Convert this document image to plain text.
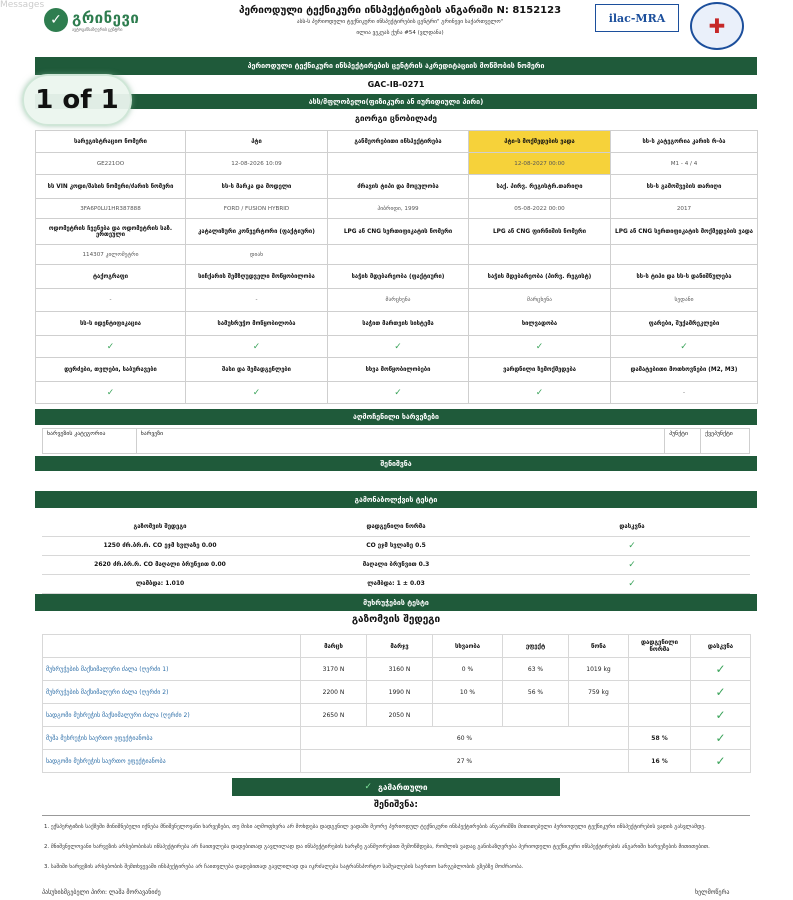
Messages
✓ გრინევი
ავტოგანსაზღვრის ცენტრი
პერიოდული ტექნიკური ინსპექტირების ანგარიში N: 8152123
ასს-ს პერიოდული ტექნიკური ინსპექტირების ცენტრი" გრინევი საქართველო"
ილია ვეკუას ქუჩა #54 (ვლდანა)
ilac-MRA ✚
პერიოდული ტექნიკური ინსპექტირების ცენტრის აკრედიტაციის მოწმობის ნომერი
GAC-IB-0271
ასს/მფლობელი(ფიზიკური ან იურიდიული პირი)
გიორგი ცნობილაძე
1 of 1
სარეგისტრაციო ნომერი	პტი	განმეორებითი ინსპექტირება	პტი-ს მოქმედების ვადა	სს-ს კატეგორია კარის რ-ბა
GE221OO	12-08-2026 10:09		12-08-2027 00:00	M1 - 4 / 4
სს VIN კოდი/შასის ნომერი/ძარის ნომერი	სს-ს მარკა და მოდელი	ძრავის ტიპი და მოცულობა	საქ. პირვ. რეგისტრ.თარიღი	სს-ს გამოშვების თარიღი
3FA6P0LU1HR387888	FORD / FUSION HYBRID	ჰიბრიდი, 1999	05-08-2022 00:00	2017
ოდომეტრის ჩვენება და ოდომეტრის საზ. ერთეული	კატალიზური კონვერტორი (ფაქტიური)	LPG ან CNG სერთიფიკატის ნომერი	LPG ან CNG ფირნიშის ნომერი	LPG ან CNG სერთიფიკატის მოქმედების ვადა
114307 კილომეტრი	დიახ			
ტაქოგრაფი	სიჩქარის შემზღუდველი მოწყობილობა	საჭის მდებარეობა (ფაქტიური)	საჭის მდებარეობა (პირვ. რეგისტ)	სს-ს ტიპი და სს-ს დანიშნულება
-	-	მარცხენა	მარცხენა	სედანი
სს-ს იდენტიფიკაცია	სამუხრუჭო მოწყობილობა	საჭით მართვის სისტემა	ხილვადობა	ფარები, შუქამრეკლები
✓	✓	✓	✓	✓
დერძები, თვლები, საბურავები	შასი და შემადგენლები	სხვა მოწყობილობები	ვარდნილი ზემოქმედება	დამატებითი მოთხოვნები (M2, M3)
✓	✓	✓	✓	-
აღმოჩენილი ხარვეზები
ხარვეზის კატეგორია	ხარვეზი	პუნქტი	ქვეპუნქტი
შენიშვნა
გამონაბოლქვის ტესტი
გაზომვის შედეგი	დადგენილი ნორმა	დასკვნა
1250 ძრ.ბრ.რ. CO ეჯმ სვლაზე 0.00	CO ეჯმ სვლაზე 0.5	✓
2620 ძრ.ბრ.რ. CO მაღალი ბრუნვით 0.00	მაღალი ბრუნვით 0.3	✓
ლამბდა: 1.010	ლამბდა: 1 ± 0.03	✓
მუხრუჭების ტესტი
გაზომვის შედეგი
	მარცხ	მარჯვ	სხვაობა	ეფექტ	წონა	დადგენილი ნორმა	დასკვნა
მუხრუჭების მაქსიმალური ძალა (ღერძი 1)	3170 N	3160 N	0 %	63 %	1019 kg		✓
მუხრუჭების მაქსიმალური ძალა (ღერძი 2)	2200 N	1990 N	10 %	56 %	759 kg		✓
სადგომი მუხრუჭის მაქსიმალური ძალა (ღერძი 2)	2650 N	2050 N					✓
მუშა მუხრუჭის საერთო ეფექტიანობა	60 %					58 %	✓
სადგომი მუხრუჭის საერთო ეფექტიანობა	27 %					16 %	✓
✓ გამართული
შენიშვნა:
1. ექსპერტიზის საქმეში მინიშნებული იქნება მნიშვნელოვანი ხარვეზები, თუ მისი აღმოფხვრა არ მოხდება დადგენილ ვადაში მეორე პერიოდულ ტექნიკური ინსპექტირების ანგარიშში მითითებული პერიოდული ტექნიკური ინსპექტირების ვადის გასვლამდე.
2. მნიშვნელოვანი ხარვეზის არსებობისას ინსპექტირება არ ჩაითვლება დადებითად გავლილად და ინსპექტირების ხარჯზე განმეორებით შემოწმდება, რომლის ვადაც განისაზღვრება პერიოდული ტექნიკური ინსპექტირების ანგარიში ხარვეზების მითითებით.
3. საშიში ხარვეზის არსებობის შემთხვევაში ინსპექტირება არ ჩაითვლება დადებითად გავლილად და იკრძალება სატრანსპორტო საშუალების საერთო სარგებლობის გზებზე მოძრაობა.
პასუხისმგებელი პირი: ლაშა მორავანიძე	ხელმოწერა
